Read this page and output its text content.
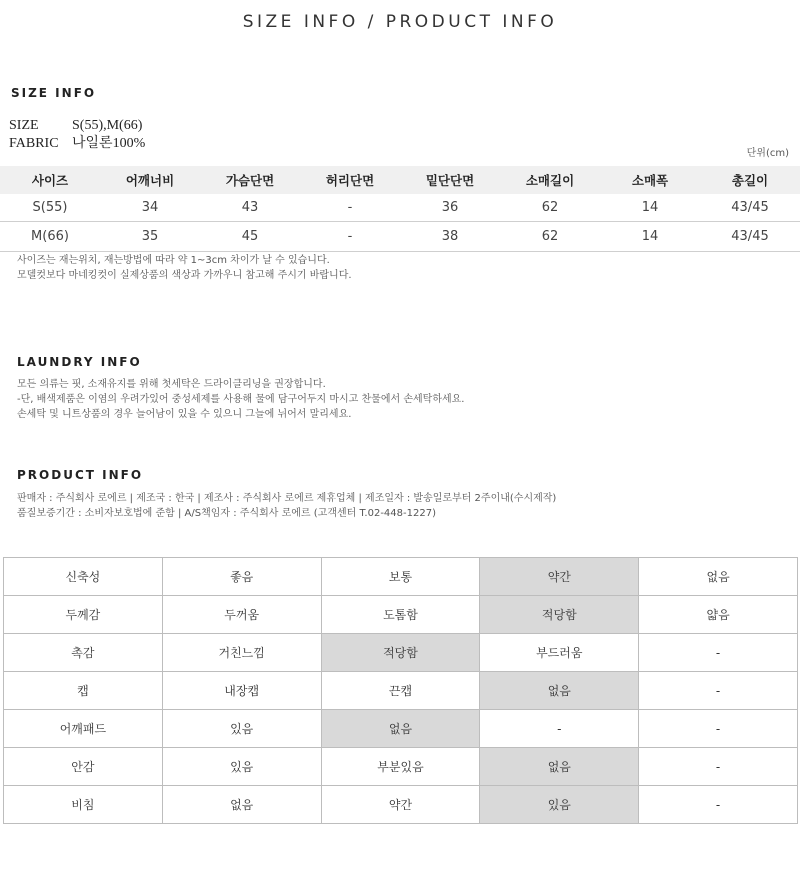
SIZE INFO / PRODUCT INFO
SIZE INFO
SIZE S(55),M(66)
FABRIC 나일론100%
단위(cm)
사이즈	어깨너비	가슴단면	허리단면	밑단단면	소매길이	소매폭	총길이
S(55)	34	43	-	36	62	14	43/45
M(66)	35	45	-	38	62	14	43/45
사이즈는 재는위치, 재는방법에 따라 약 1~3cm 차이가 날 수 있습니다.
모델컷보다 마네킹컷이 실제상품의 색상과 가까우니 참고해 주시기 바랍니다.
LAUNDRY INFO
모든 의류는 핏, 소재유지를 위해 첫세탁은 드라이클리닝을 권장합니다.
-단, 배색제품은 이염의 우려가있어 중성세제를 사용해 물에 담구어두지 마시고 찬물에서 손세탁하세요.
손세탁 및 니트상품의 경우 늘어남이 있을 수 있으니 그늘에 뉘어서 말리세요.
PRODUCT INFO
판매자 : 주식회사 로에르 | 제조국 : 한국 | 제조사 : 주식회사 로에르 제휴업체 | 제조일자 : 발송일로부터 2주이내(수시제작)
품질보증기간 : 소비자보호법에 준함 | A/S책임자 : 주식회사 로에르 (고객센터 T.02-448-1227)
신축성	좋음	보통	약간	없음
두께감	두꺼움	도톰함	적당함	얇음
촉감	거친느낌	적당함	부드러움	-
캡	내장캡	끈캡	없음	-
어깨패드	있음	없음	-	-
안감	있음	부분있음	없음	-
비침	없음	약간	있음	-
